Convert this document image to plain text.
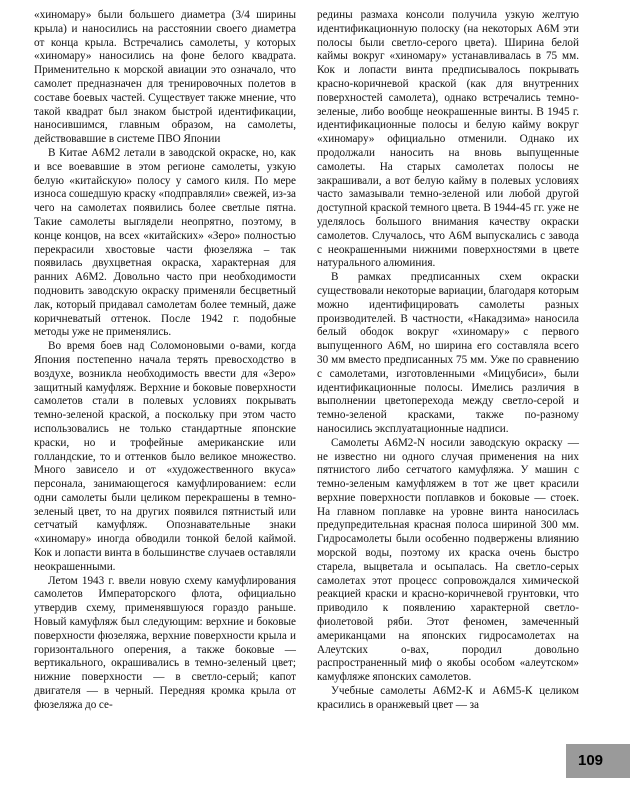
«хиномару» были большего диаметра (3/4 ширины крыла) и наносились на расстоянии своего диаметра от конца крыла. Встречались самолеты, у которых «хиномару» наносились на фоне белого квадрата. Применительно к морской авиации это означало, что самолет предназначен для тренировочных полетов в составе боевых частей. Существует также мнение, что такой квадрат был знаком быстрой идентификации, наносившимся, главным образом, на самолеты, действовавшие в системе ПВО Японии

В Китае А6М2 летали в заводской окраске, но, как и все воевавшие в этом регионе самолеты, узкую белую «китайскую» полосу у самого киля. По мере износа сошедшую краску «подправляли» свежей, из-за чего на самолетах появились более светлые пятна. Такие самолеты выглядели неопрятно, поэтому, в конце концов, на всех «китайских» «Зеро» полностью перекрасили хвостовые части фюзеляжа – так появилась двухцветная окраска, характерная для ранних А6М2. Довольно часто при необходимости подновить заводскую окраску применяли бесцветный лак, который придавал самолетам более темный, даже коричневатый оттенок. После 1942 г. подобные методы уже не применялись.

Во время боев над Соломоновыми о-вами, когда Япония постепенно начала терять превосходство в воздухе, возникла необходимость ввести для «Зеро» защитный камуфляж. Верхние и боковые поверхности самолетов стали в полевых условиях покрывать темно-зеленой краской, а поскольку при этом часто использовались не только стандартные японские краски, но и трофейные американские или голландские, то и оттенков было великое множество. Много зависело и от «художественного вкуса» персонала, занимающегося камуфлированием: если одни самолеты были целиком перекрашены в темно-зеленый цвет, то на других появился пятнистый или сетчатый камуфляж. Опознавательные знаки «хиномару» иногда обводили тонкой белой каймой. Кок и лопасти винта в большинстве случаев оставляли неокрашенными.

Летом 1943 г. ввели новую схему камуфлирования самолетов Императорского флота, официально утвердив схему, применявшуюся гораздо раньше. Новый камуфляж был следующим: верхние и боковые поверхности фюзеляжа, верхние поверхности крыла и горизонтального оперения, а также боковые — вертикального, окрашивались в темно-зеленый цвет; нижние поверхности — в светло-серый; капот двигателя — в черный. Передняя кромка крыла от фюзеляжа до се-

редины размаха консоли получила узкую желтую идентификационную полоску (на некоторых А6М эти полосы были светло-серого цвета). Ширина белой каймы вокруг «хиномару» устанавливалась в 75 мм. Кок и лопасти винта предписывалось покрывать красно-коричневой краской (как для внутренних поверхностей самолета), однако встречались темно-зеленые, либо вообще неокрашенные винты. В 1945 г. идентификационные полосы и белую кайму вокруг «хиномару» официально отменили. Однако их продолжали наносить на вновь выпущенные самолеты. На старых самолетах полосы не закрашивали, а вот белую кайму в полевых условиях часто замазывали темно-зеленой или любой другой доступной краской темного цвета. В 1944-45 гг. уже не уделялось большого внимания качеству окраски самолетов. Случалось, что А6М выпускались с завода с неокрашенными нижними поверхностями в цвете натурального алюминия.

В рамках предписанных схем окраски существовали некоторые вариации, благодаря которым можно идентифицировать самолеты разных производителей. В частности, «Накадзима» наносила белый ободок вокруг «хиномару» с первого выпущенного А6М, но ширина его составляла всего 30 мм вместо предписанных 75 мм. Уже по сравнению с самолетами, изготовленными «Мицубиси», были идентификационные полосы. Имелись различия в выполнении цветопереходa между светло-серой и темно-зеленой красками, также по-разному наносились эксплуатационные надписи.

Самолеты А6М2-N носили заводскую окраску — не известно ни одного случая применения на них пятнистого либо сетчатого камуфляжа. У машин с темно-зеленым камуфляжем в тот же цвет красили верхние поверхности поплавков и боковые — стоек. На главном поплавке на уровне винта наносилась предупредительная красная полоса шириной 300 мм. Гидросамолеты были особенно подвержены влиянию морской воды, поэтому их краска очень быстро старела, выцветала и осыпалась. На светло-серых самолетах этот процесс сопровождался химической реакцией краски и красно-коричневой грунтовки, что приводило к появлению характерной светло-фиолетовой ряби. Этот феномен, замеченный американцами на японских гидросамолетах на Алеутских о-вах, породил довольно распространенный миф о якобы особом «алеутском» камуфляже японских самолетов.

Учебные самолеты А6М2-К и А6М5-К целиком красились в оранжевый цвет — за

109
